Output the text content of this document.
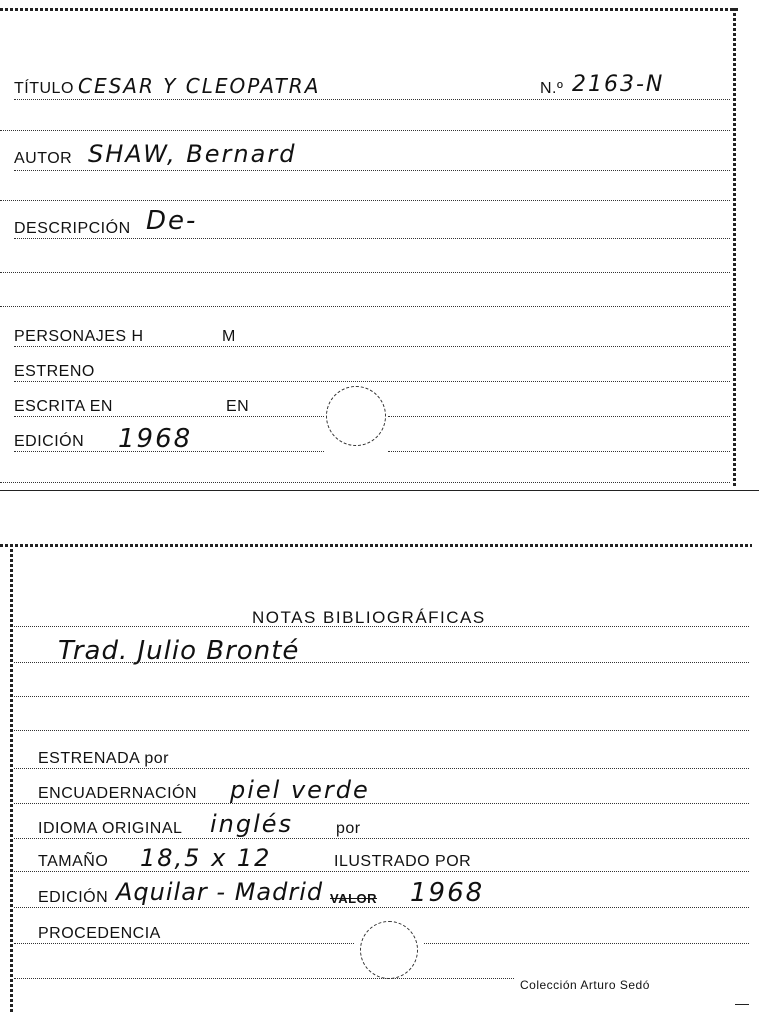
TÍTULO CESAR Y CLEOPATRA	N.º 2163-N
AUTOR SHAW, Bernard
DESCRIPCIÓN De-
PERSONAJES H	M
ESTRENO
ESCRITA EN	EN
EDICIÓN 1968
NOTAS BIBLIOGRÁFICAS
Trad. Julio Bronté
ESTRENADA por
ENCUADERNACIÓN piel verde
IDIOMA ORIGINAL inglés	por
TAMAÑO 18,5 x 12	ILUSTRADO POR
EDICIÓN Aquilar - Madrid VALOR 1968
PROCEDENCIA
Colección Arturo Sedó
